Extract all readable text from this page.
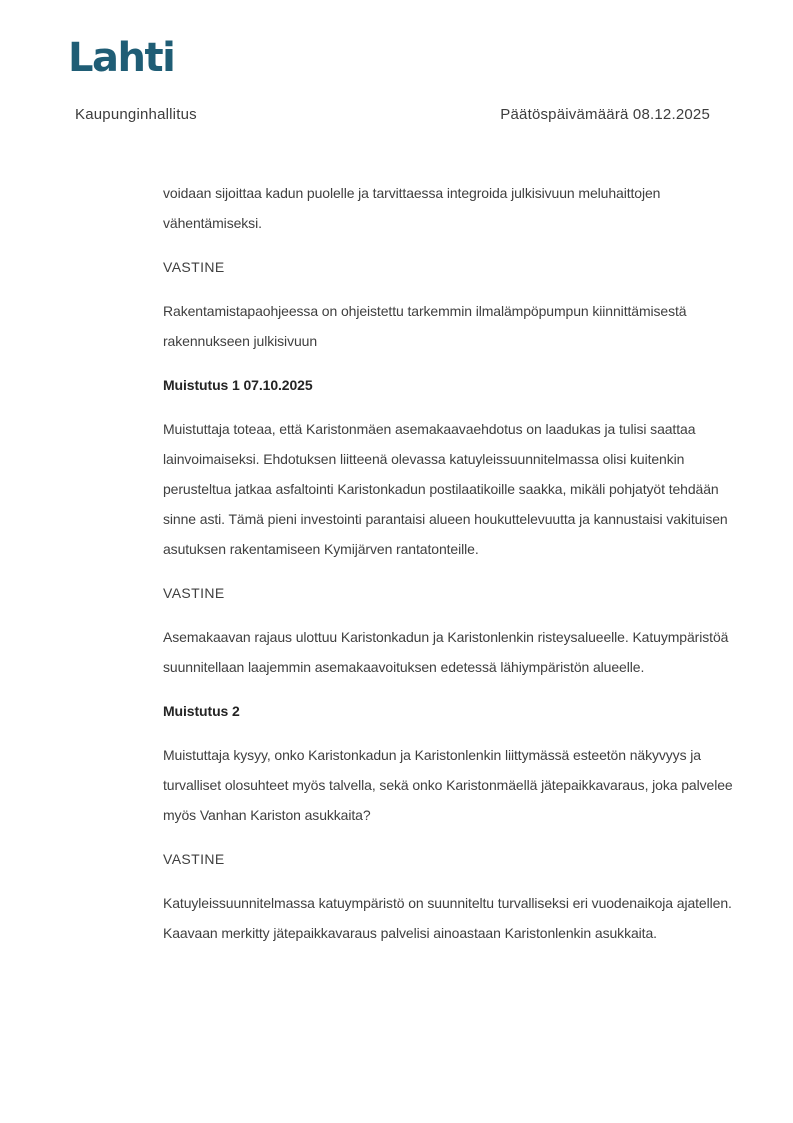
Lahti
Kaupunginhallitus	Päätöspäivämäärä 08.12.2025

voidaan sijoittaa kadun puolelle ja tarvittaessa integroida julkisivuun meluhaittojen vähentämiseksi.

VASTINE

Rakentamistapaohjeessa on ohjeistettu tarkemmin ilmalämpöpumpun kiinnittämisestä rakennukseen julkisivuun

Muistutus 1 07.10.2025

Muistuttaja toteaa, että Karistonmäen asemakaavaehdotus on laadukas ja tulisi saattaa lainvoimaiseksi. Ehdotuksen liitteenä olevassa katuyleissuunnitelmassa olisi kuitenkin perusteltua jatkaa asfaltointi Karistonkadun postilaatikoille saakka, mikäli pohjatyöt tehdään sinne asti. Tämä pieni investointi parantaisi alueen houkuttelevuutta ja kannustaisi vakituisen asutuksen rakentamiseen Kymijärven rantatonteille.

VASTINE

Asemakaavan rajaus ulottuu Karistonkadun ja Karistonlenkin risteysalueelle. Katuympäristöä suunnitellaan laajemmin asemakaavoituksen edetessä lähiympäristön alueelle.

Muistutus 2

Muistuttaja kysyy, onko Karistonkadun ja Karistonlenkin liittymässä esteetön näkyvyys ja turvalliset olosuhteet myös talvella, sekä onko Karistonmäellä jätepaikkavaraus, joka palvelee myös Vanhan Kariston asukkaita?

VASTINE

Katuyleissuunnitelmassa katuympäristö on suunniteltu turvalliseksi eri vuodenaikoja ajatellen. Kaavaan merkitty jätepaikkavaraus palvelisi ainoastaan Karistonlenkin asukkaita.
